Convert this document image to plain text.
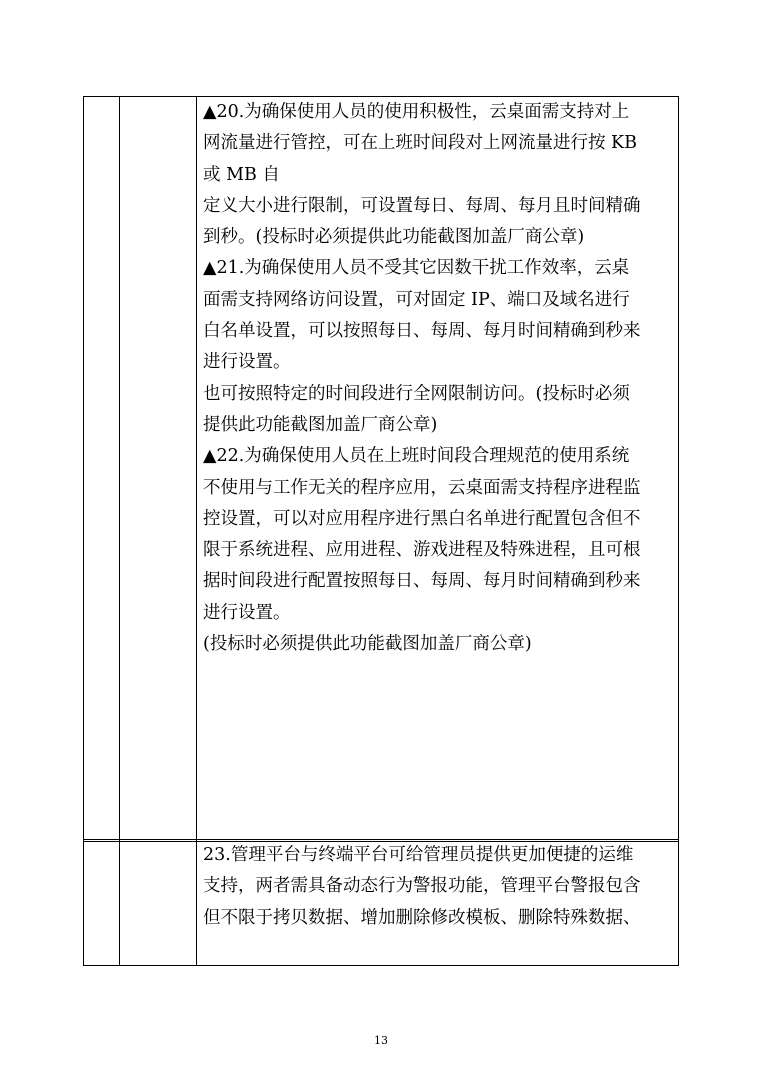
▲20.为确保使用人员的使用积极性，云桌面需支持对上
网流量进行管控，可在上班时间段对上网流量进行按 KB
或 MB 自
定义大小进行限制，可设置每日、每周、每月且时间精确
到秒。(投标时必须提供此功能截图加盖厂商公章)
▲21.为确保使用人员不受其它因数干扰工作效率，云桌
面需支持网络访问设置，可对固定 IP、端口及域名进行
白名单设置，可以按照每日、每周、每月时间精确到秒来
进行设置。
也可按照特定的时间段进行全网限制访问。(投标时必须
提供此功能截图加盖厂商公章)
▲22.为确保使用人员在上班时间段合理规范的使用系统
不使用与工作无关的程序应用，云桌面需支持程序进程监
控设置，可以对应用程序进行黑白名单进行配置包含但不
限于系统进程、应用进程、游戏进程及特殊进程，且可根
据时间段进行配置按照每日、每周、每月时间精确到秒来
进行设置。
(投标时必须提供此功能截图加盖厂商公章)

23.管理平台与终端平台可给管理员提供更加便捷的运维
支持，两者需具备动态行为警报功能，管理平台警报包含
但不限于拷贝数据、增加删除修改模板、删除特殊数据、
13
